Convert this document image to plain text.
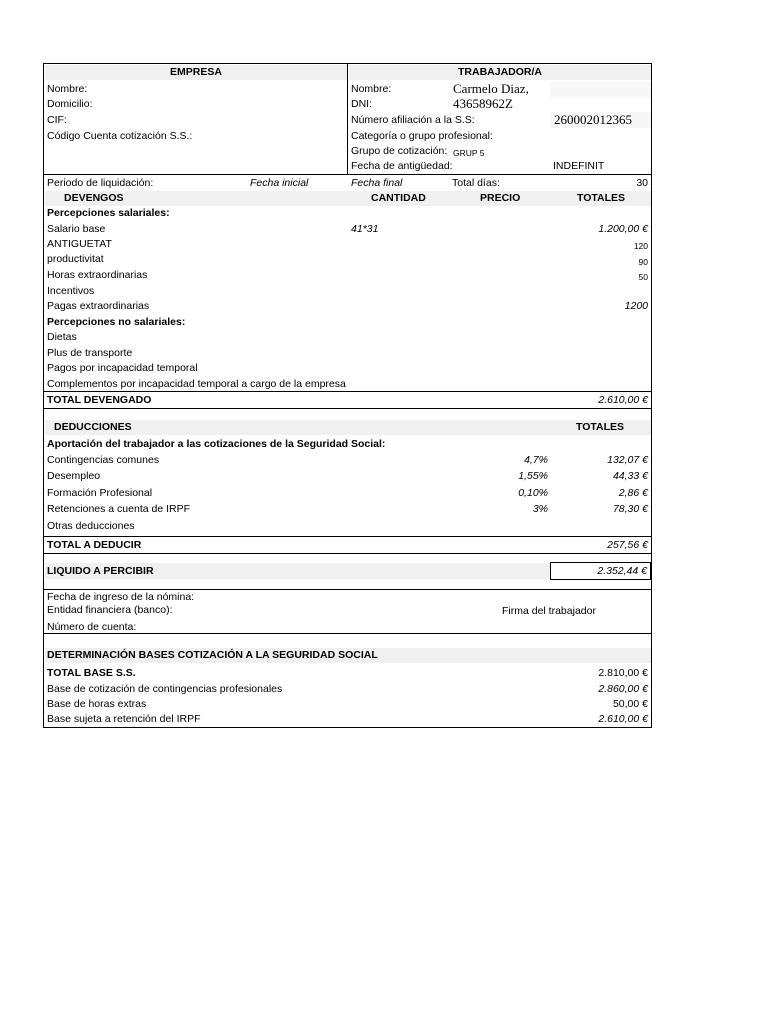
EMPRESA	TRABAJADOR/A
Nombre:
Domicilio:
CIF:
Código Cuenta cotización S.S.:
Nombre:	Carmelo Diaz,
DNI:	43658962Z
Número afiliación a la S.S:	260002012365
Categoría o grupo profesional:
Grupo de cotización: GRUP 5
Fecha de antigüedad:	INDEFINIT
Periodo de liquidación:	Fecha inicial	Fecha final	Total días:	30
DEVENGOS	CANTIDAD	PRECIO	TOTALES
Percepciones salariales:
Salario base	41*31	1.200,00 €
ANTIGUETAT	120
productivitat	90
Horas extraordinarias	50
Incentivos
Pagas extraordinarias	1200
Percepciones no salariales:
Dietas
Plus de transporte
Pagos por incapacidad temporal
Complementos por incapacidad temporal a cargo de la empresa
TOTAL DEVENGADO	2.610,00 €
DEDUCCIONES	TOTALES
Aportación del trabajador a las cotizaciones de la Seguridad Social:
Contingencias comunes	4,7%	132,07 €
Desempleo	1,55%	44,33 €
Formación Profesional	0,10%	2,86 €
Retenciones a cuenta de IRPF	3%	78,30 €
Otras deducciones
TOTAL A DEDUCIR	257,56 €
LIQUIDO A PERCIBIR	2.352,44 €
Fecha de ingreso de la nómina:
Entidad financiera (banco):	Firma del trabajador
Número de cuenta:
DETERMINACIÓN BASES COTIZACIÓN A LA SEGURIDAD SOCIAL
TOTAL BASE S.S.	2.810,00 €
Base de cotización de contingencias profesionales	2.860,00 €
Base de horas extras	50,00 €
Base sujeta a retención del IRPF	2.610,00 €
